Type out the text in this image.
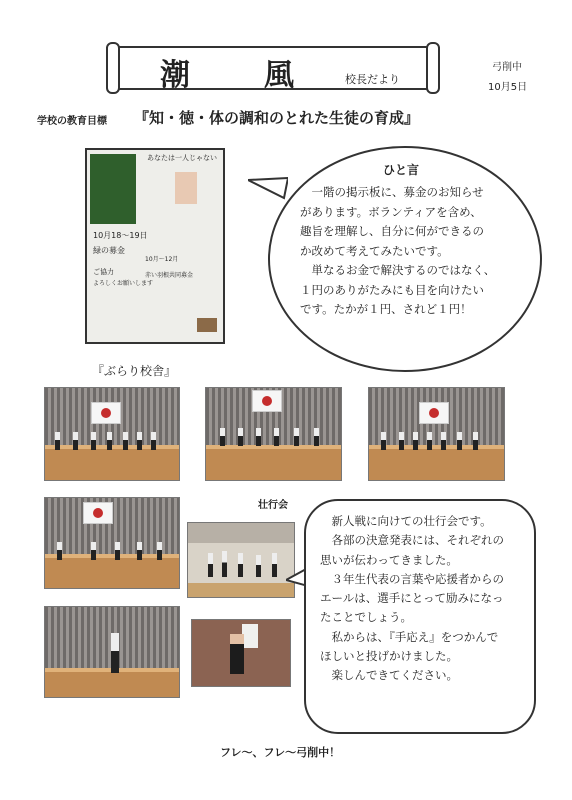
潮　風	校長だより
弓削中
10月5日
学校の教育目標 『知・徳・体の調和のとれた生徒の育成』
あなたは一人じゃない
10月18～19日
緑の募金
ご協力
よろしくお願いします
10月～12月
赤い羽根共同募金
ひと言
一階の掲示板に、募金のお知らせ
があります。ボランティアを含め、
趣旨を理解し、自分に何ができるの
か改めて考えてみたいです。
単なるお金で解決するのではなく、
１円のありがたみにも目を向けたい
です。たかが１円、されど１円！
『ぶらり校舎』
壮行会
新人戦に向けての壮行会です。
各部の決意発表には、それぞれの
思いが伝わってきました。
３年生代表の言葉や応援者からの
エールは、選手にとって励みになっ
たことでしょう。
私からは、『手応え』をつかんで
ほしいと投げかけました。
楽しんできてください。
フレ～、フレ～弓削中！
